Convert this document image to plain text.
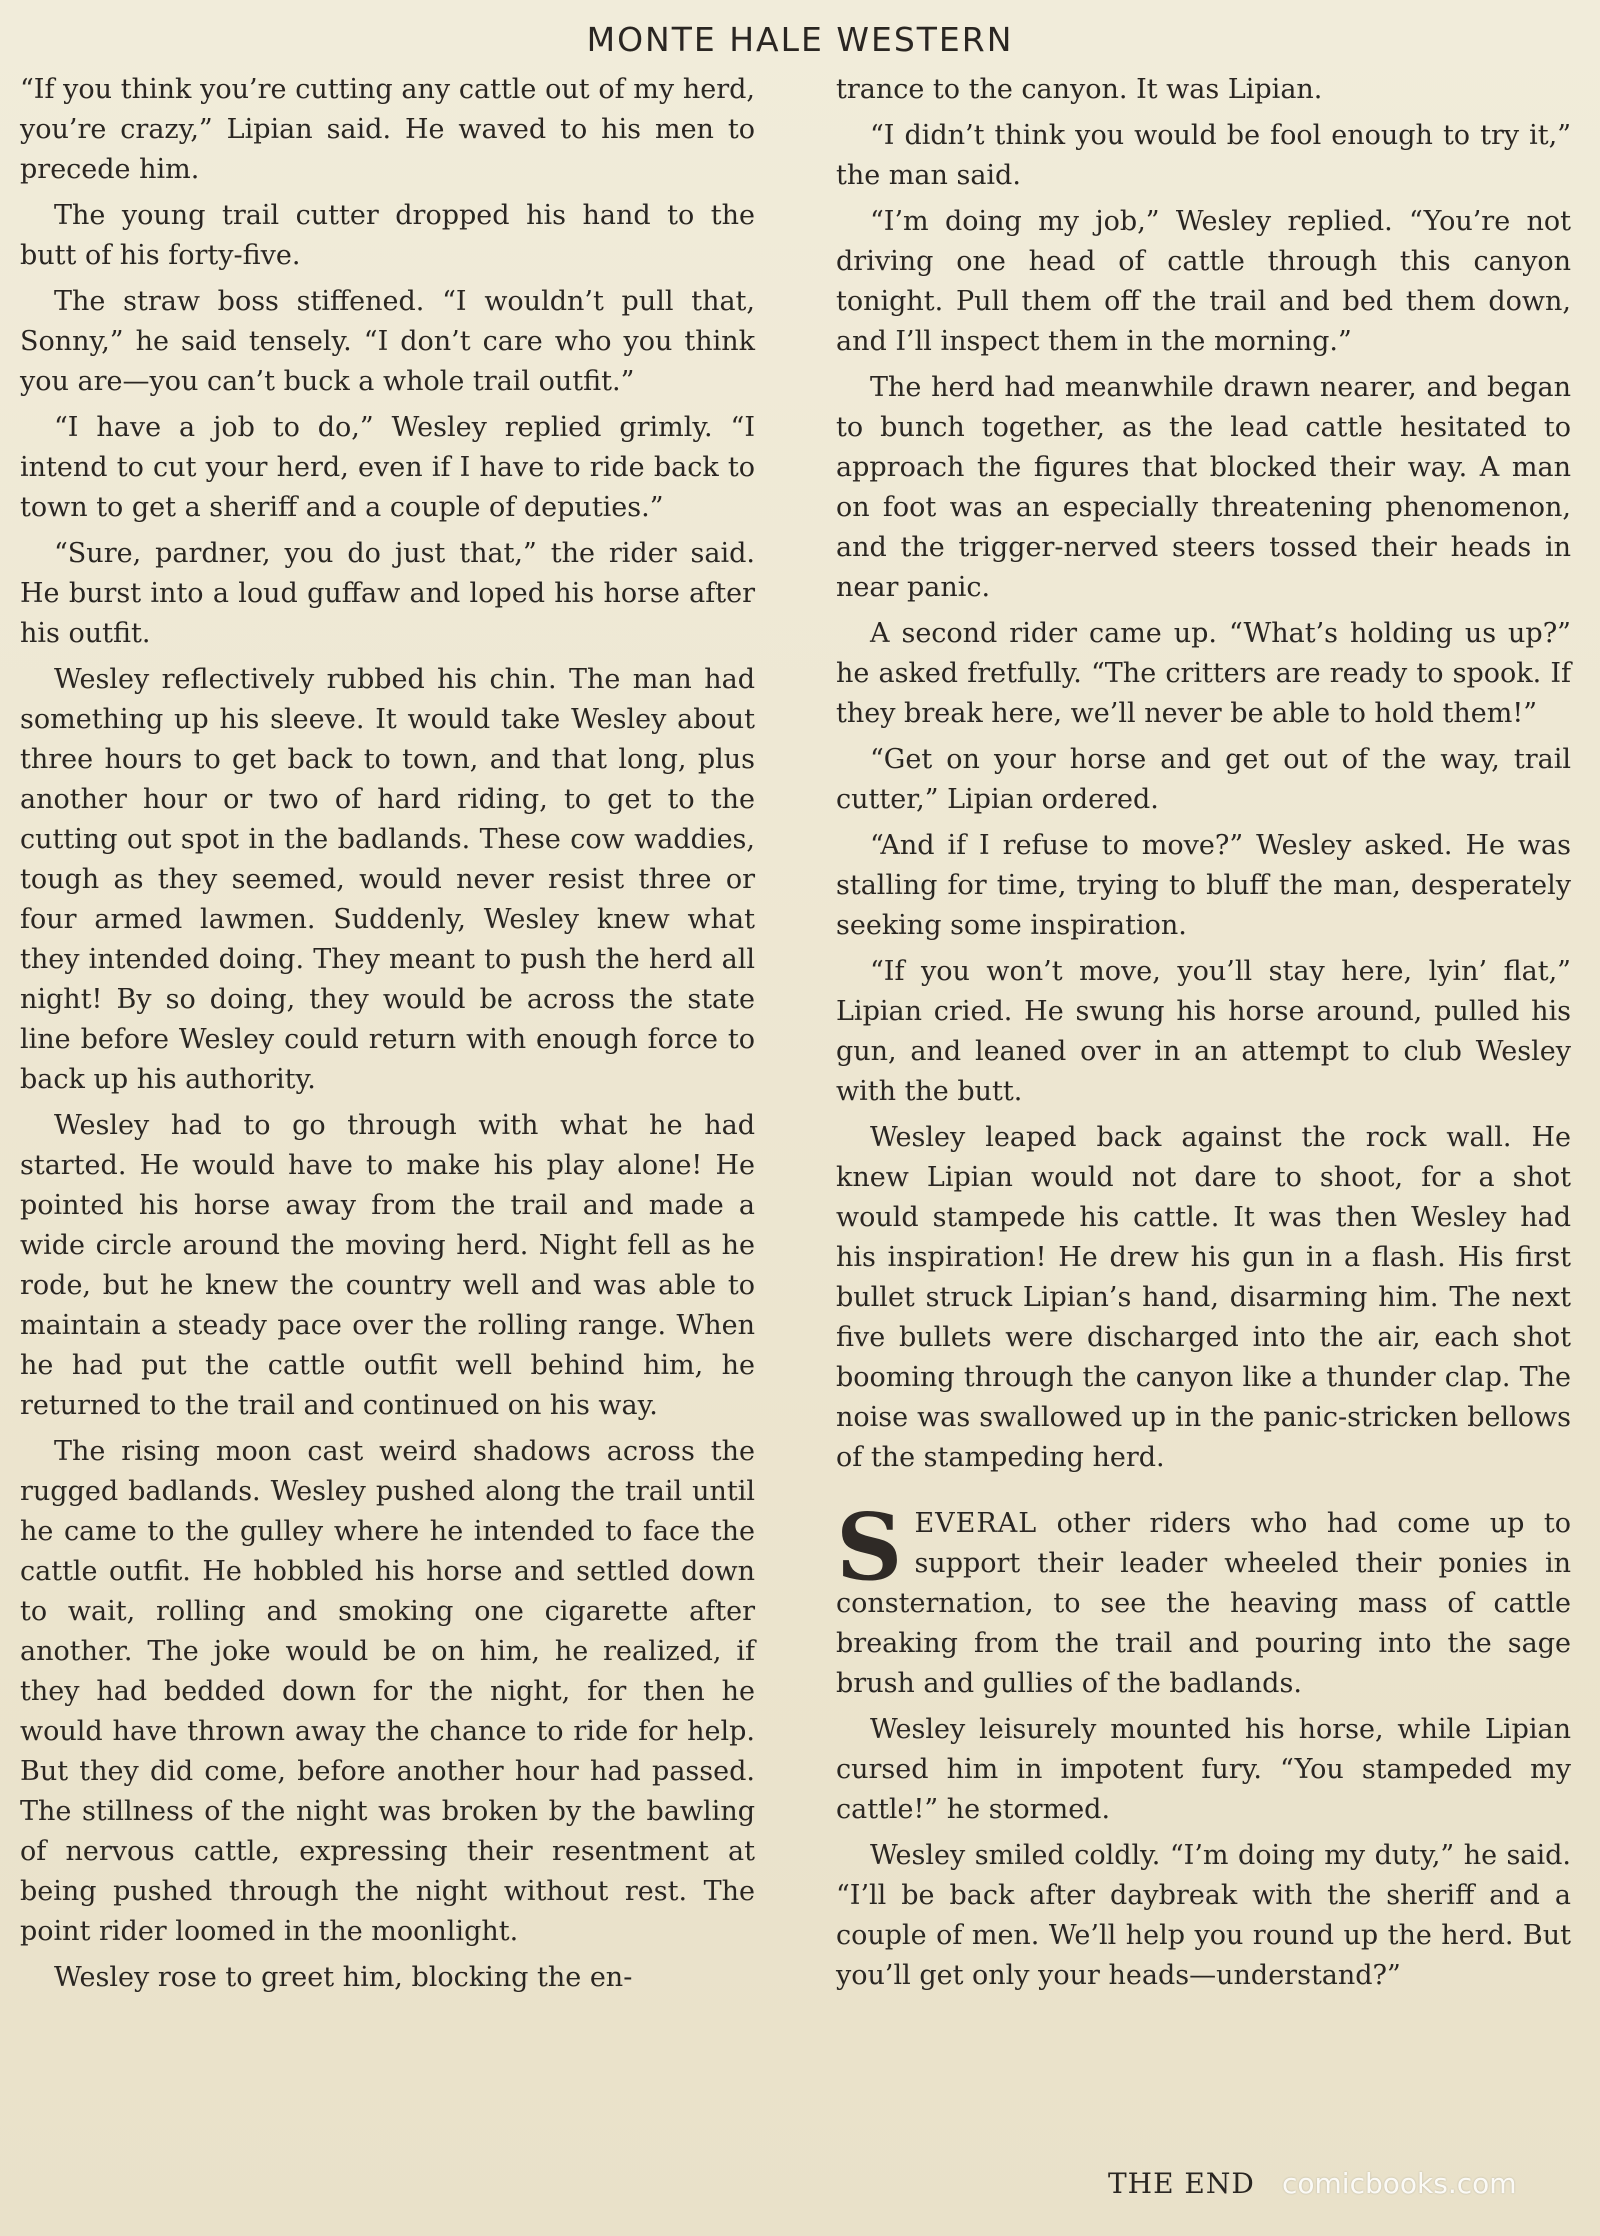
MONTE HALE WESTERN

“If you think you’re cutting any cattle out of my herd, you’re crazy,” Lipian said. He waved to his men to precede him.

The young trail cutter dropped his hand to the butt of his forty-five.

The straw boss stiffened. “I wouldn’t pull that, Sonny,” he said tensely. “I don’t care who you think you are—you can’t buck a whole trail outfit.”

“I have a job to do,” Wesley replied grimly. “I intend to cut your herd, even if I have to ride back to town to get a sheriff and a couple of deputies.”

“Sure, pardner, you do just that,” the rider said. He burst into a loud guffaw and loped his horse after his outfit.

Wesley reflectively rubbed his chin. The man had something up his sleeve. It would take Wesley about three hours to get back to town, and that long, plus another hour or two of hard riding, to get to the cutting out spot in the badlands. These cow waddies, tough as they seemed, would never resist three or four armed lawmen. Suddenly, Wesley knew what they intended doing. They meant to push the herd all night! By so doing, they would be across the state line before Wesley could return with enough force to back up his authority.

Wesley had to go through with what he had started. He would have to make his play alone! He pointed his horse away from the trail and made a wide circle around the moving herd. Night fell as he rode, but he knew the country well and was able to maintain a steady pace over the rolling range. When he had put the cattle outfit well behind him, he returned to the trail and continued on his way.

The rising moon cast weird shadows across the rugged badlands. Wesley pushed along the trail until he came to the gulley where he intended to face the cattle outfit. He hobbled his horse and settled down to wait, rolling and smoking one cigarette after another. The joke would be on him, he realized, if they had bedded down for the night, for then he would have thrown away the chance to ride for help. But they did come, before another hour had passed. The stillness of the night was broken by the bawling of nervous cattle, expressing their resentment at being pushed through the night without rest. The point rider loomed in the moonlight.

Wesley rose to greet him, blocking the en-

trance to the canyon. It was Lipian.

“I didn’t think you would be fool enough to try it,” the man said.

“I’m doing my job,” Wesley replied. “You’re not driving one head of cattle through this canyon tonight. Pull them off the trail and bed them down, and I’ll inspect them in the morning.”

The herd had meanwhile drawn nearer, and began to bunch together, as the lead cattle hesitated to approach the figures that blocked their way. A man on foot was an especially threatening phenomenon, and the trigger-nerved steers tossed their heads in near panic.

A second rider came up. “What’s holding us up?” he asked fretfully. “The critters are ready to spook. If they break here, we’ll never be able to hold them!”

“Get on your horse and get out of the way, trail cutter,” Lipian ordered.

“And if I refuse to move?” Wesley asked. He was stalling for time, trying to bluff the man, desperately seeking some inspiration.

“If you won’t move, you’ll stay here, lyin’ flat,” Lipian cried. He swung his horse around, pulled his gun, and leaned over in an attempt to club Wesley with the butt.

Wesley leaped back against the rock wall. He knew Lipian would not dare to shoot, for a shot would stampede his cattle. It was then Wesley had his inspiration! He drew his gun in a flash. His first bullet struck Lipian’s hand, disarming him. The next five bullets were discharged into the air, each shot booming through the canyon like a thunder clap. The noise was swallowed up in the panic-stricken bellows of the stampeding herd.

SEVERAL other riders who had come up to support their leader wheeled their ponies in consternation, to see the heaving mass of cattle breaking from the trail and pouring into the sage brush and gullies of the badlands.

Wesley leisurely mounted his horse, while Lipian cursed him in impotent fury. “You stampeded my cattle!” he stormed.

Wesley smiled coldly. “I’m doing my duty,” he said. “I’ll be back after daybreak with the sheriff and a couple of men. We’ll help you round up the herd. But you’ll get only your heads—understand?”

THE END comicbooks.com
